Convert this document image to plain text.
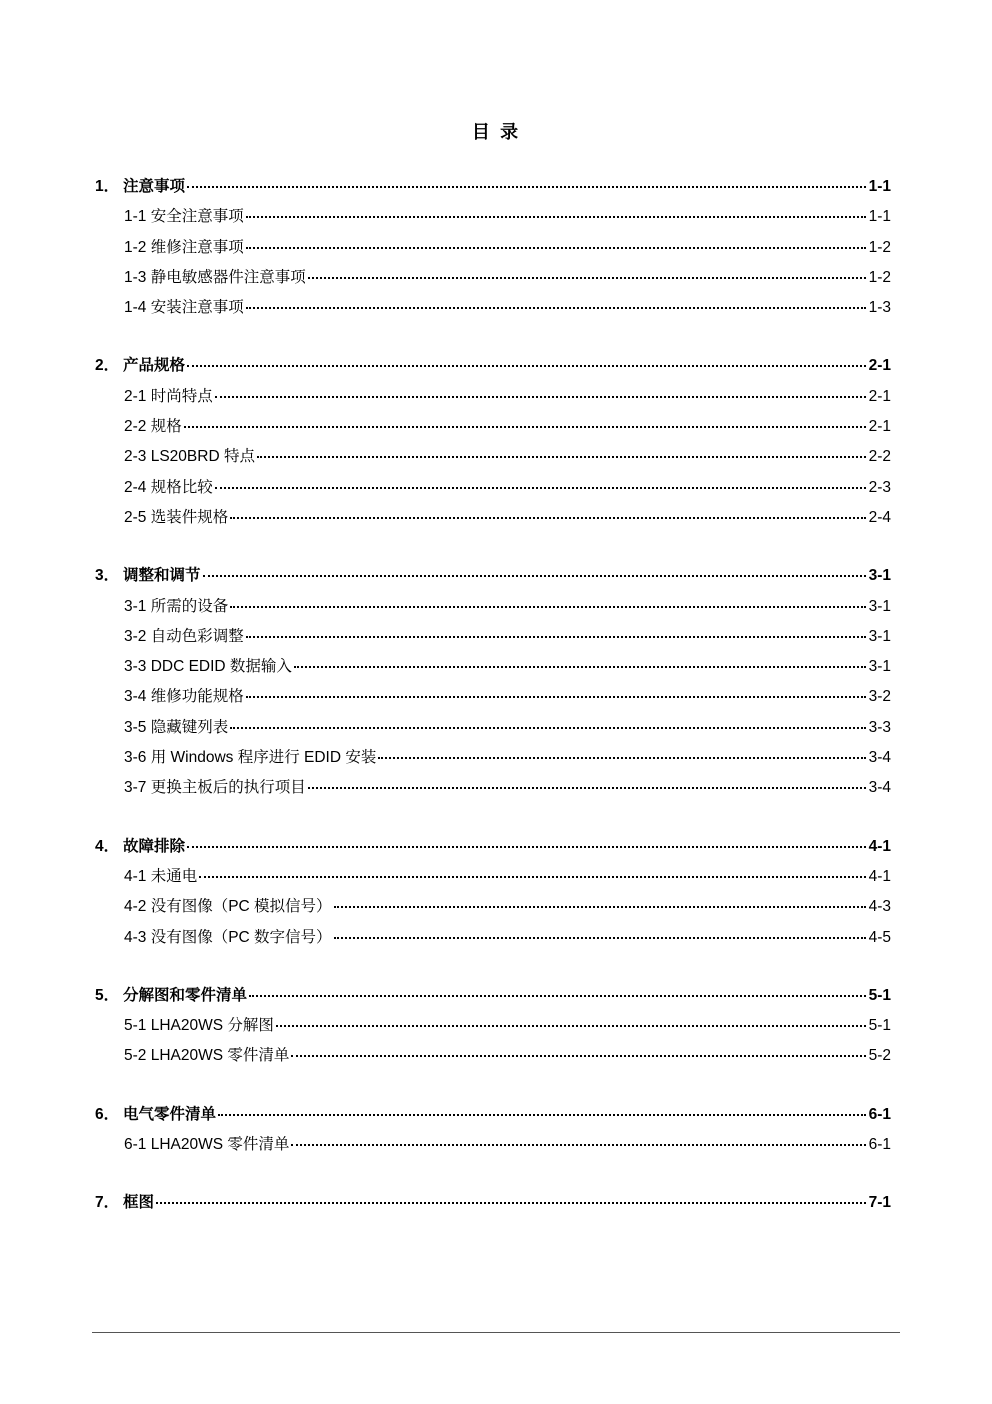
目 录
1． 注意事项	1-1
1-1 安全注意事项	1-1
1-2 维修注意事项	1-2
1-3 静电敏感器件注意事项	1-2
1-4 安装注意事项	1-3
2． 产品规格	2-1
2-1 时尚特点	2-1
2-2 规格	2-1
2-3 LS20BRD 特点	2-2
2-4 规格比较	2-3
2-5 选装件规格	2-4
3． 调整和调节	3-1
3-1 所需的设备	3-1
3-2 自动色彩调整	3-1
3-3 DDC EDID 数据输入	3-1
3-4 维修功能规格	3-2
3-5 隐藏键列表	3-3
3-6 用 Windows 程序进行 EDID 安装	3-4
3-7 更换主板后的执行项目	3-4
4． 故障排除	4-1
4-1 未通电	4-1
4-2 没有图像（PC 模拟信号）	4-3
4-3 没有图像（PC 数字信号）	4-5
5． 分解图和零件清单	5-1
5-1 LHA20WS 分解图	5-1
5-2 LHA20WS 零件清单	5-2
6． 电气零件清单	6-1
6-1 LHA20WS 零件清单	6-1
7． 框图	7-1
